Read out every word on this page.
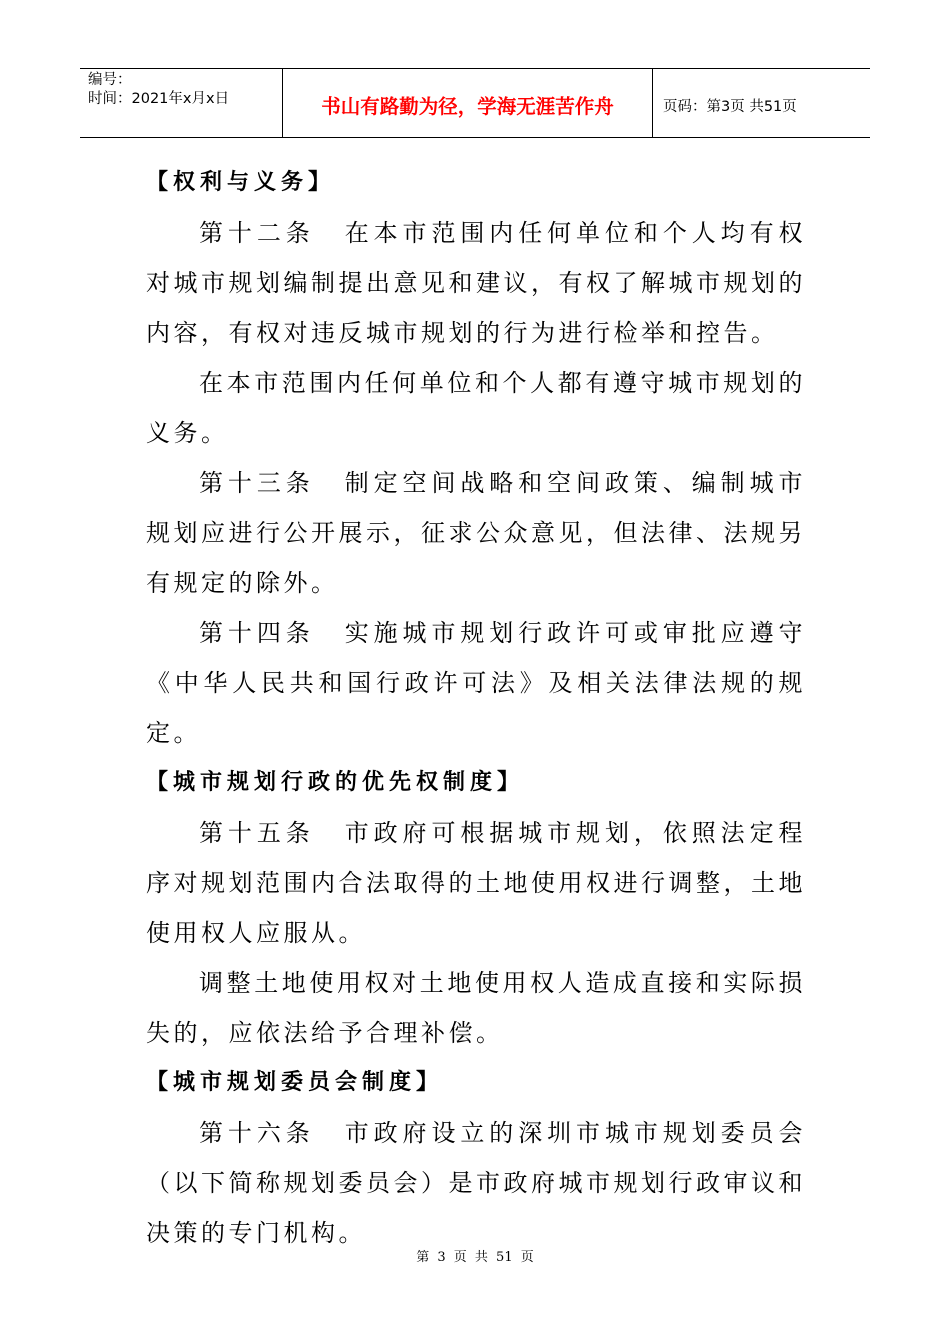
编号：
时间：2021年x月x日	书山有路勤为径，学海无涯苦作舟	页码：第3页 共51页
【权利与义务】

第十二条 在本市范围内任何单位和个人均有权对城市规划编制提出意见和建议，有权了解城市规划的内容，有权对违反城市规划的行为进行检举和控告。

在本市范围内任何单位和个人都有遵守城市规划的义务。

第十三条 制定空间战略和空间政策、编制城市规划应进行公开展示，征求公众意见，但法律、法规另有规定的除外。

第十四条 实施城市规划行政许可或审批应遵守《中华人民共和国行政许可法》及相关法律法规的规定。

【城市规划行政的优先权制度】

第十五条 市政府可根据城市规划，依照法定程序对规划范围内合法取得的土地使用权进行调整，土地使用权人应服从。

调整土地使用权对土地使用权人造成直接和实际损失的，应依法给予合理补偿。

【城市规划委员会制度】

第十六条 市政府设立的深圳市城市规划委员会（以下简称规划委员会）是市政府城市规划行政审议和决策的专门机构。

第 3 页 共 51 页
